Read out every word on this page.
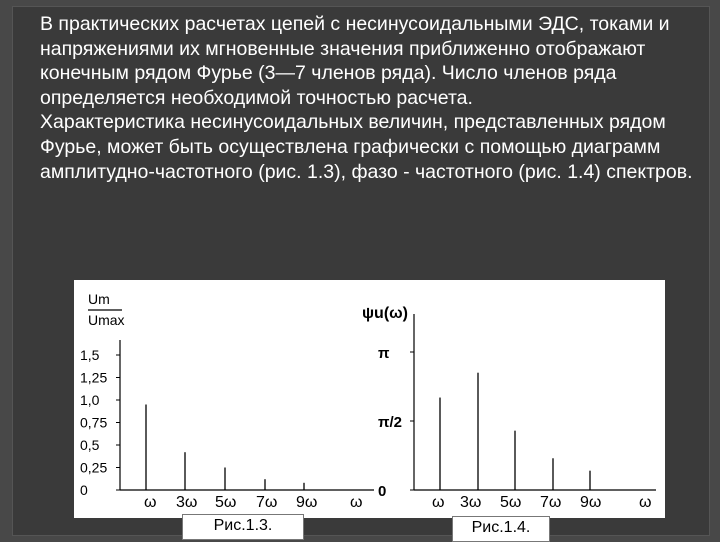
В практических расчетах цепей с несинусоидальными ЭДС, токами и напряжениями их мгновенные значения приближенно отображают конечным рядом Фурье (3—7 членов ряда). Число членов ряда определяется необходимой точностью расчета.

Характеристика несинусоидальных величин, представленных рядом Фурье, может быть осуществлена графически с помощью диаграмм амплитудно-частотного (рис. 1.3), фазо - частотного (рис. 1.4) спектров.

Um
Umax
1,5
1,25
1,0
0,75
0,5
0,25
0
ω 3ω 5ω 7ω 9ω ω
ψu(ω)
π
π/2
0
ω 3ω 5ω 7ω 9ω ω
Рис.1.3.	Рис.1.4.
